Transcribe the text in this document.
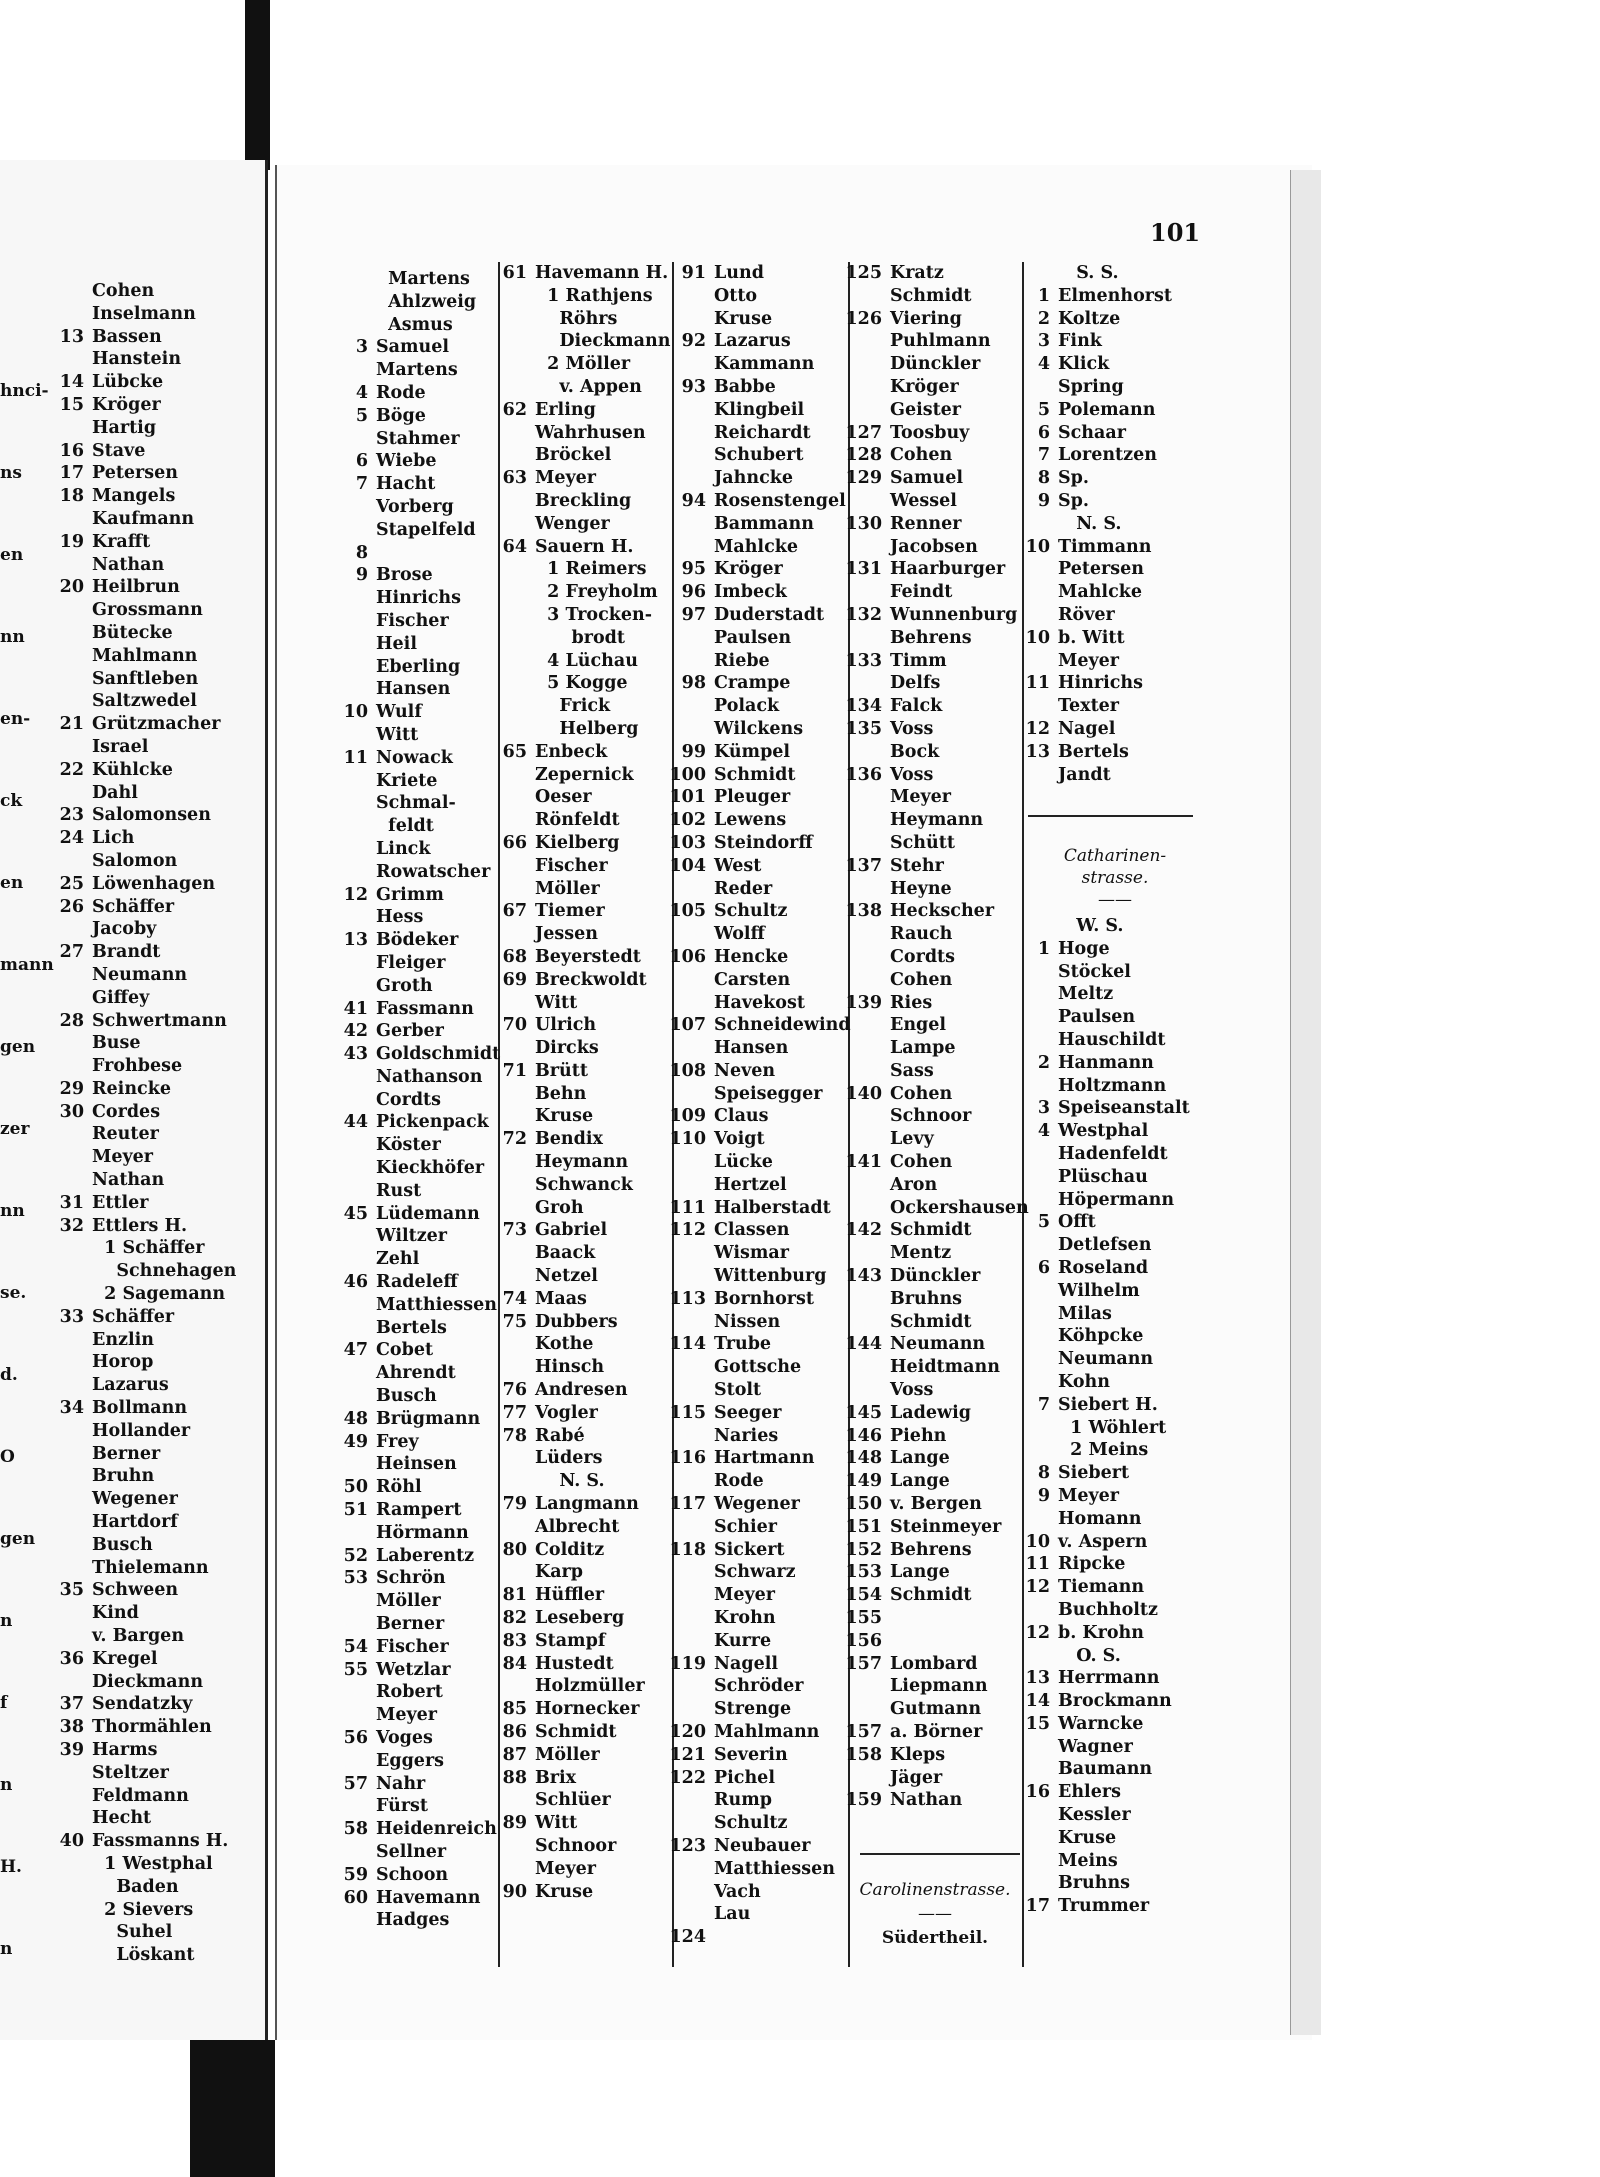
hnci-
ns
en
nn
en-
ck
en
mann
gen
zer
nn
se.
d.
O
gen
n
f
n
H.
n
Cohen
Inselmann
13 Bassen
Hanstein
14 Lübcke
15 Kröger
Hartig
16 Stave
17 Petersen
18 Mangels
Kaufmann
19 Krafft
Nathan
20 Heilbrun
Grossmann
Bütecke
Mahlmann
Sanftleben
Saltzwedel
21 Grützmacher
Israel
22 Kühlcke
Dahl
23 Salomonsen
24 Lich
Salomon
25 Löwenhagen
26 Schäffer
Jacoby
27 Brandt
Neumann
Giffey
28 Schwertmann
Buse
Frohbese
29 Reincke
30 Cordes
Reuter
Meyer
Nathan
31 Ettler
32 Ettlers H.
1 Schäffer
Schnehagen
2 Sagemann
33 Schäffer
Enzlin
Horop
Lazarus
34 Bollmann
Hollander
Berner
Bruhn
Wegener
Hartdorf
Busch
Thielemann
35 Schween
Kind
v. Bargen
36 Kregel
Dieckmann
37 Sendatzky
38 Thormählen
39 Harms
Steltzer
Feldmann
Hecht
40 Fassmanns H.
1 Westphal
Baden
2 Sievers
Suhel
Löskant
101
Martens
Ahlzweig
Asmus
3 Samuel
Martens
4 Rode
5 Böge
Stahmer
6 Wiebe
7 Hacht
Vorberg
Stapelfeld
8
9 Brose
Hinrichs
Fischer
Heil
Eberling
Hansen
10 Wulf
Witt
11 Nowack
Kriete
Schmal-
feldt
Linck
Rowatscher
12 Grimm
Hess
13 Bödeker
Fleiger
Groth
41 Fassmann
42 Gerber
43 Goldschmidt
Nathanson
Cordts
44 Pickenpack
Köster
Kieckhöfer
Rust
45 Lüdemann
Wiltzer
Zehl
46 Radeleff
Matthiessen
Bertels
47 Cobet
Ahrendt
Busch
48 Brügmann
49 Frey
Heinsen
50 Röhl
51 Rampert
Hörmann
52 Laberentz
53 Schrön
Möller
Berner
54 Fischer
55 Wetzlar
Robert
Meyer
56 Voges
Eggers
57 Nahr
Fürst
58 Heidenreich
Sellner
59 Schoon
60 Havemann
Hadges
61 Havemann H.
1 Rathjens
Röhrs
Dieckmann
2 Möller
v. Appen
62 Erling
Wahrhusen
Bröckel
63 Meyer
Breckling
Wenger
64 Sauern H.
1 Reimers
2 Freyholm
3 Trocken-
brodt
4 Lüchau
5 Kogge
Frick
Helberg
65 Enbeck
Zepernick
Oeser
Rönfeldt
66 Kielberg
Fischer
Möller
67 Tiemer
Jessen
68 Beyerstedt
69 Breckwoldt
Witt
70 Ulrich
Dircks
71 Brütt
Behn
Kruse
72 Bendix
Heymann
Schwanck
Groh
73 Gabriel
Baack
Netzel
74 Maas
75 Dubbers
Kothe
Hinsch
76 Andresen
77 Vogler
78 Rabé
Lüders
N. S.
79 Langmann
Albrecht
80 Colditz
Karp
81 Hüffler
82 Leseberg
83 Stampf
84 Hustedt
Holzmüller
85 Hornecker
86 Schmidt
87 Möller
88 Brix
Schlüer
89 Witt
Schnoor
Meyer
90 Kruse
91 Lund
Otto
Kruse
92 Lazarus
Kammann
93 Babbe
Klingbeil
Reichardt
Schubert
Jahncke
94 Rosenstengel
Bammann
Mahlcke
95 Kröger
96 Imbeck
97 Duderstadt
Paulsen
Riebe
98 Crampe
Polack
Wilckens
99 Kümpel
100 Schmidt
101 Pleuger
102 Lewens
103 Steindorff
104 West
Reder
105 Schultz
Wolff
106 Hencke
Carsten
Havekost
107 Schneidewind
Hansen
108 Neven
Speisegger
109 Claus
110 Voigt
Lücke
Hertzel
111 Halberstadt
112 Classen
Wismar
Wittenburg
113 Bornhorst
Nissen
114 Trube
Gottsche
Stolt
115 Seeger
Naries
116 Hartmann
Rode
117 Wegener
Schier
118 Sickert
Schwarz
Meyer
Krohn
Kurre
119 Nagell
Schröder
Strenge
120 Mahlmann
121 Severin
122 Pichel
Rump
Schultz
123 Neubauer
Matthiessen
Vach
Lau
124
125 Kratz
Schmidt
126 Viering
Puhlmann
Dünckler
Kröger
Geister
127 Toosbuy
128 Cohen
129 Samuel
Wessel
130 Renner
Jacobsen
131 Haarburger
Feindt
132 Wunnenburg
Behrens
133 Timm
Delfs
134 Falck
135 Voss
Bock
136 Voss
Meyer
Heymann
Schütt
137 Stehr
Heyne
138 Heckscher
Rauch
Cordts
Cohen
139 Ries
Engel
Lampe
Sass
140 Cohen
Schnoor
Levy
141 Cohen
Aron
Ockershausen
142 Schmidt
Mentz
143 Dünckler
Bruhns
Schmidt
144 Neumann
Heidtmann
Voss
145 Ladewig
146 Piehn
148 Lange
149 Lange
150 v. Bergen
151 Steinmeyer
152 Behrens
153 Lange
154 Schmidt
155
156
157 Lombard
Liepmann
Gutmann
157 a. Börner
158 Kleps
Jäger
159 Nathan
S. S.
1 Elmenhorst
2 Koltze
3 Fink
4 Klick
Spring
5 Polemann
6 Schaar
7 Lorentzen
8 Sp.
9 Sp.
N. S.
10 Timmann
Petersen
Mahlcke
Röver
10 b. Witt
Meyer
11 Hinrichs
Texter
12 Nagel
13 Bertels
Jandt
Catharinen-
strasse.
——
W. S.
1 Hoge
Stöckel
Meltz
Paulsen
Hauschildt
2 Hanmann
Holtzmann
3 Speiseanstalt
4 Westphal
Hadenfeldt
Plüschau
Höpermann
5 Offt
Detlefsen
6 Roseland
Wilhelm
Milas
Köhpcke
Neumann
Kohn
7 Siebert H.
1 Wöhlert
2 Meins
8 Siebert
9 Meyer
Homann
10 v. Aspern
11 Ripcke
12 Tiemann
Buchholtz
12 b. Krohn
O. S.
13 Herrmann
14 Brockmann
15 Warncke
Wagner
Baumann
16 Ehlers
Kessler
Kruse
Meins
Bruhns
17 Trummer
Carolinenstrasse.
——
Südertheil.
